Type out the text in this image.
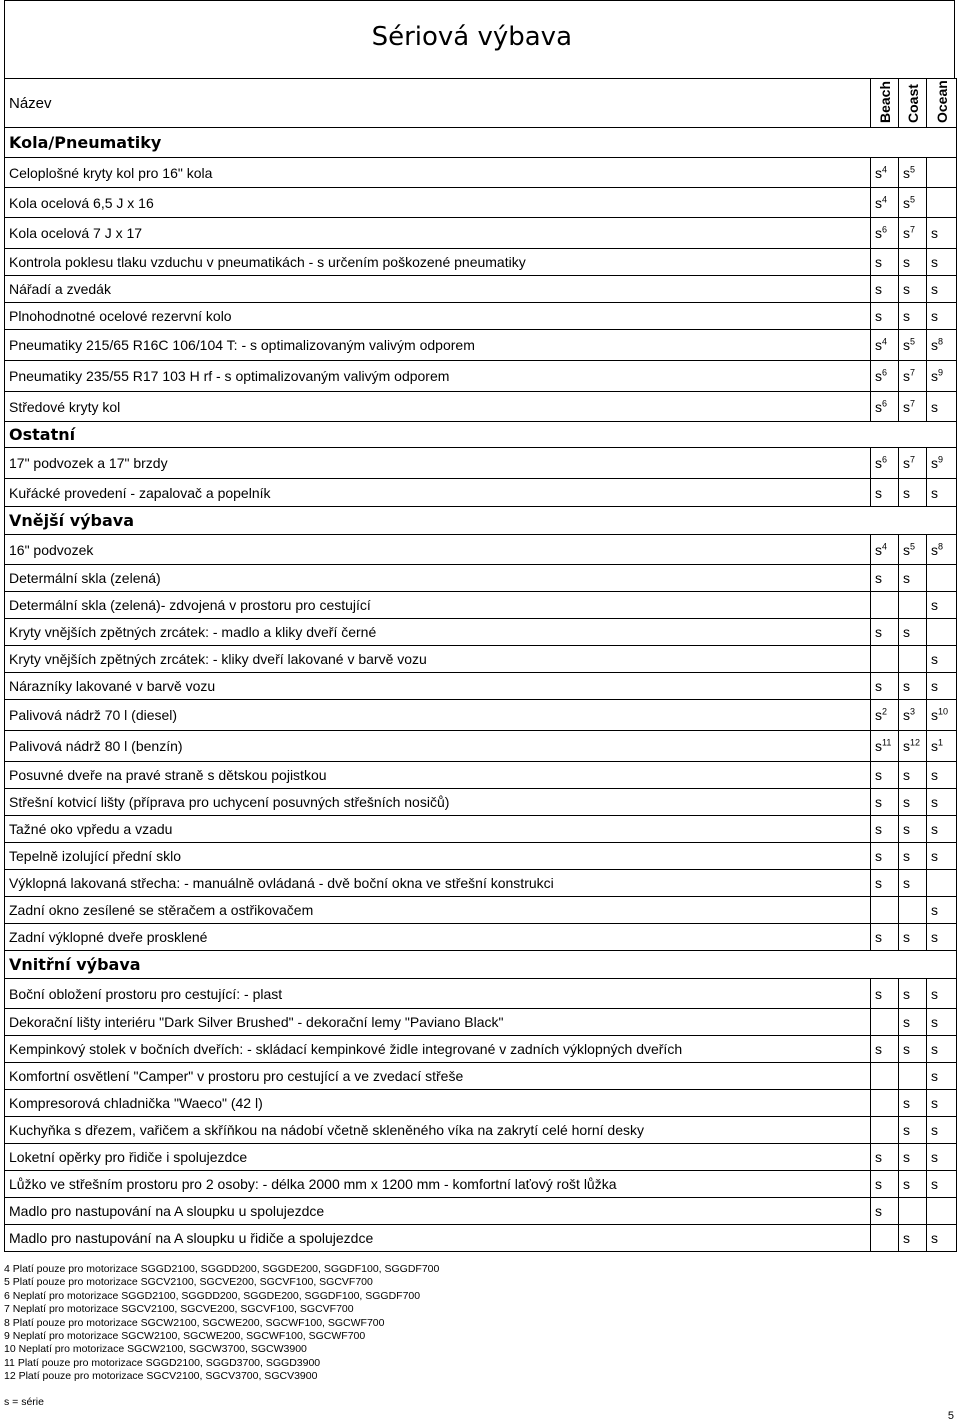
Sériová výbava
Název	Beach	Coast	Ocean

Kola/Pneumatiky			
Celoplošné kryty kol pro 16" kola	$s^4$	$s^5$	
Kola ocelová 6,5 J x 16	$s^4$	$s^5$	
Kola ocelová 7 J x 17	$s^6$	$s^7$	s
Kontrola poklesu tlaku vzduchu v pneumatikách - s určením poškozené pneumatiky	s	s	s
Nářadí a zvedák	s	s	s
Plnohodnotné ocelové rezervní kolo	s	s	s
Pneumatiky 215/65 R16C 106/104 T: - s optimalizovaným valivým odporem	$s^4$	$s^5$	$s^8$
Pneumatiky 235/55 R17 103 H rf - s optimalizovaným valivým odporem	$s^6$	$s^7$	$s^9$
Středové kryty kol	$s^6$	$s^7$	s
Ostatní			
17" podvozek a 17" brzdy	$s^6$	$s^7$	$s^9$
Kuřácké provedení - zapalovač a popelník	s	s	s
Vnější výbava			
16" podvozek	$s^4$	$s^5$	$s^8$
Determální skla (zelená)	s	s	
Determální skla (zelená)- zdvojená v prostoru pro cestující			s
Kryty vnějších zpětných zrcátek: - madlo a kliky dveří černé	s	s	
Kryty vnějších zpětných zrcátek: - kliky dveří lakované v barvě vozu			s
Nárazníky lakované v barvě vozu	s	s	s
Palivová nádrž 70 l (diesel)	$s^2$	$s^3$	$s^{10}$
Palivová nádrž 80 l (benzín)	$s^{11}$	$s^{12}$	$s^1$
Posuvné dveře na pravé straně s dětskou pojistkou	s	s	s
Střešní kotvicí lišty (příprava pro uchycení posuvných střešních nosičů)	s	s	s
Tažné oko vpředu a vzadu	s	s	s
Tepelně izolující přední sklo	s	s	s
Výklopná lakovaná střecha: - manuálně ovládaná - dvě boční okna ve střešní konstrukci	s	s	
Zadní okno zesílené se stěračem a ostřikovačem			s
Zadní výklopné dveře prosklené	s	s	s
Vnitřní výbava			
Boční obložení prostoru pro cestující: - plast	s	s	s
Dekorační lišty interiéru "Dark Silver Brushed" - dekorační lemy "Paviano Black"		s	s
Kempinkový stolek v bočních dveřích: - skládací kempinkové židle integrované v zadních výklopných dveřích	s	s	s
Komfortní osvětlení "Camper" v prostoru pro cestující a ve zvedací střeše			s
Kompresorová chladnička "Waeco" (42 l)		s	s
Kuchyňka s dřezem, vařičem a skříňkou na nádobí včetně skleněného víka na zakrytí celé horní desky		s	s
Loketní opěrky pro řidiče i spolujezdce	s	s	s
Lůžko ve střešním prostoru pro 2 osoby: - délka 2000 mm x 1200 mm - komfortní laťový rošt lůžka	s	s	s
Madlo pro nastupování na A sloupku u spolujezdce	s		
Madlo pro nastupování na A sloupku u řidiče a spolujezdce		s	s
4 Platí pouze pro motorizace SGGD2100, SGGDD200, SGGDE200, SGGDF100, SGGDF700
5 Platí pouze pro motorizace SGCV2100, SGCVE200, SGCVF100, SGCVF700
6 Neplatí pro motorizace SGGD2100, SGGDD200, SGGDE200, SGGDF100, SGGDF700
7 Neplatí pro motorizace SGCV2100, SGCVE200, SGCVF100, SGCVF700
8 Platí pouze pro motorizace SGCW2100, SGCWE200, SGCWF100, SGCWF700
9 Neplatí pro motorizace SGCW2100, SGCWE200, SGCWF100, SGCWF700
10 Neplatí pro motorizace SGCW2100, SGCW3700, SGCW3900
11 Platí pouze pro motorizace SGGD2100, SGGD3700, SGGD3900
12 Platí pouze pro motorizace SGCV2100, SGCV3700, SGCV3900
s = série
5
